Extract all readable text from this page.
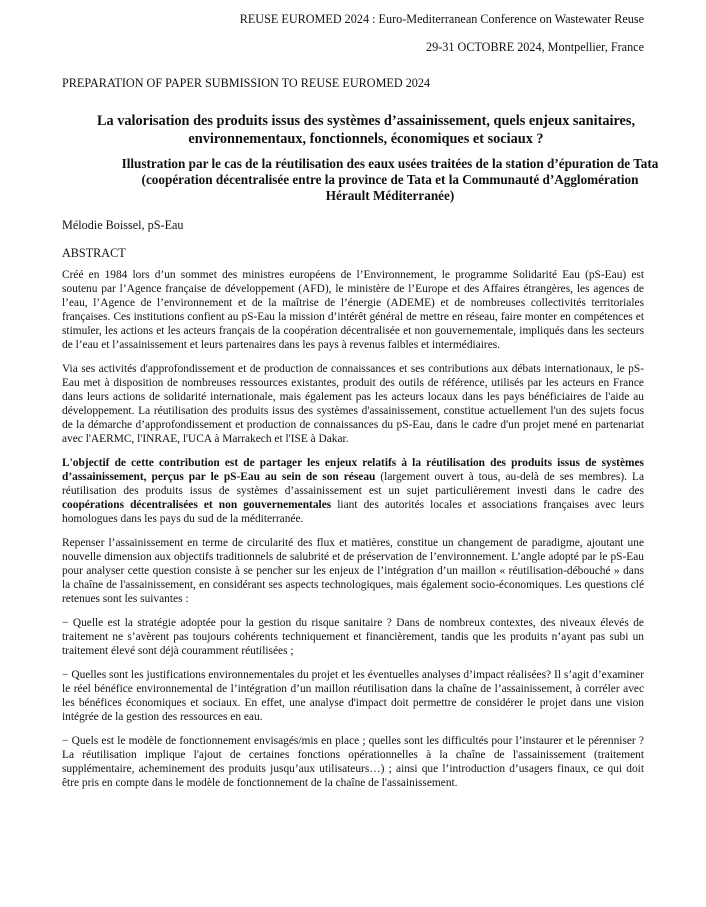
REUSE EUROMED 2024 : Euro-Mediterranean Conference on Wastewater Reuse
29-31 OCTOBRE 2024, Montpellier, France
PREPARATION OF PAPER SUBMISSION TO REUSE EUROMED 2024
La valorisation des produits issus des systèmes d’assainissement, quels enjeux sanitaires, environnementaux, fonctionnels, économiques et sociaux ?
Illustration par le cas de la réutilisation des eaux usées traitées de la station d’épuration de Tata (coopération décentralisée entre la province de Tata et la Communauté d’Agglomération Hérault Méditerranée)
Mélodie Boissel, pS-Eau
ABSTRACT

Créé en 1984 lors d’un sommet des ministres européens de l’Environnement, le programme Solidarité Eau (pS-Eau) est soutenu par l’Agence française de développement (AFD), le ministère de l’Europe et des Affaires étrangères, les agences de l’eau, l’Agence de l’environnement et de la maîtrise de l’énergie (ADEME) et de nombreuses collectivités territoriales françaises. Ces institutions confient au pS-Eau la mission d’intérêt général de mettre en réseau, faire monter en compétences et stimuler, les actions et les acteurs français de la coopération décentralisée et non gouvernementale, impliqués dans les secteurs de l’eau et l’assainissement et leurs partenaires dans les pays à revenus faibles et intermédiaires.

Via ses activités d'approfondissement et de production de connaissances et ses contributions aux débats internationaux, le pS-Eau met à disposition de nombreuses ressources existantes, produit des outils de référence, utilisés par les acteurs en France dans leurs actions de solidarité internationale, mais également pas les acteurs locaux dans les pays bénéficiaires de l'aide au développement. La réutilisation des produits issus des systèmes d'assainissement, constitue actuellement l'un des sujets focus de la démarche d’approfondissement et production de connaissances du pS-Eau, dans le cadre d'un projet mené en partenariat avec l'AERMC, l'INRAE, l'UCA à Marrakech et l'ISE à Dakar.

L'objectif de cette contribution est de partager les enjeux relatifs à la réutilisation des produits issus de systèmes d’assainissement, perçus par le pS-Eau au sein de son réseau (largement ouvert à tous, au-delà de ses membres). La réutilisation des produits issus de systèmes d’assainissement est un sujet particulièrement investi dans le cadre des coopérations décentralisées et non gouvernementales liant des autorités locales et associations françaises avec leurs homologues dans les pays du sud de la méditerranée.

Repenser l’assainissement en terme de circularité des flux et matières, constitue un changement de paradigme, ajoutant une nouvelle dimension aux objectifs traditionnels de salubrité et de préservation de l’environnement. L’angle adopté par le pS-Eau pour analyser cette question consiste à se pencher sur les enjeux de l’intégration d’un maillon « réutilisation-débouché » dans la chaîne de l'assainissement, en considérant ses aspects technologiques, mais également socio-économiques. Les questions clé retenues sont les suivantes :

− Quelle est la stratégie adoptée pour la gestion du risque sanitaire ? Dans de nombreux contextes, des niveaux élevés de traitement ne s’avèrent pas toujours cohérents techniquement et financièrement, tandis que les produits n’ayant pas subi un traitement élevé sont déjà couramment réutilisées ;

− Quelles sont les justifications environnementales du projet et les éventuelles analyses d’impact réalisées? Il s’agit d’examiner le réel bénéfice environnemental de l’intégration d’un maillon réutilisation dans la chaîne de l’assainissement, à corréler avec les bénéfices économiques et sociaux. En effet, une analyse d'impact doit permettre de considérer le projet dans une vision intégrée de la gestion des ressources en eau.

− Quels est le modèle de fonctionnement envisagés/mis en place ; quelles sont les difficultés pour l’instaurer et le pérenniser ? La réutilisation implique l'ajout de certaines fonctions opérationnelles à la chaîne de l'assainissement (traitement supplémentaire, acheminement des produits jusqu’aux utilisateurs…) ; ainsi que l’introduction d’usagers finaux, ce qui doit être pris en compte dans le modèle de fonctionnement de la chaîne de l'assainissement.
